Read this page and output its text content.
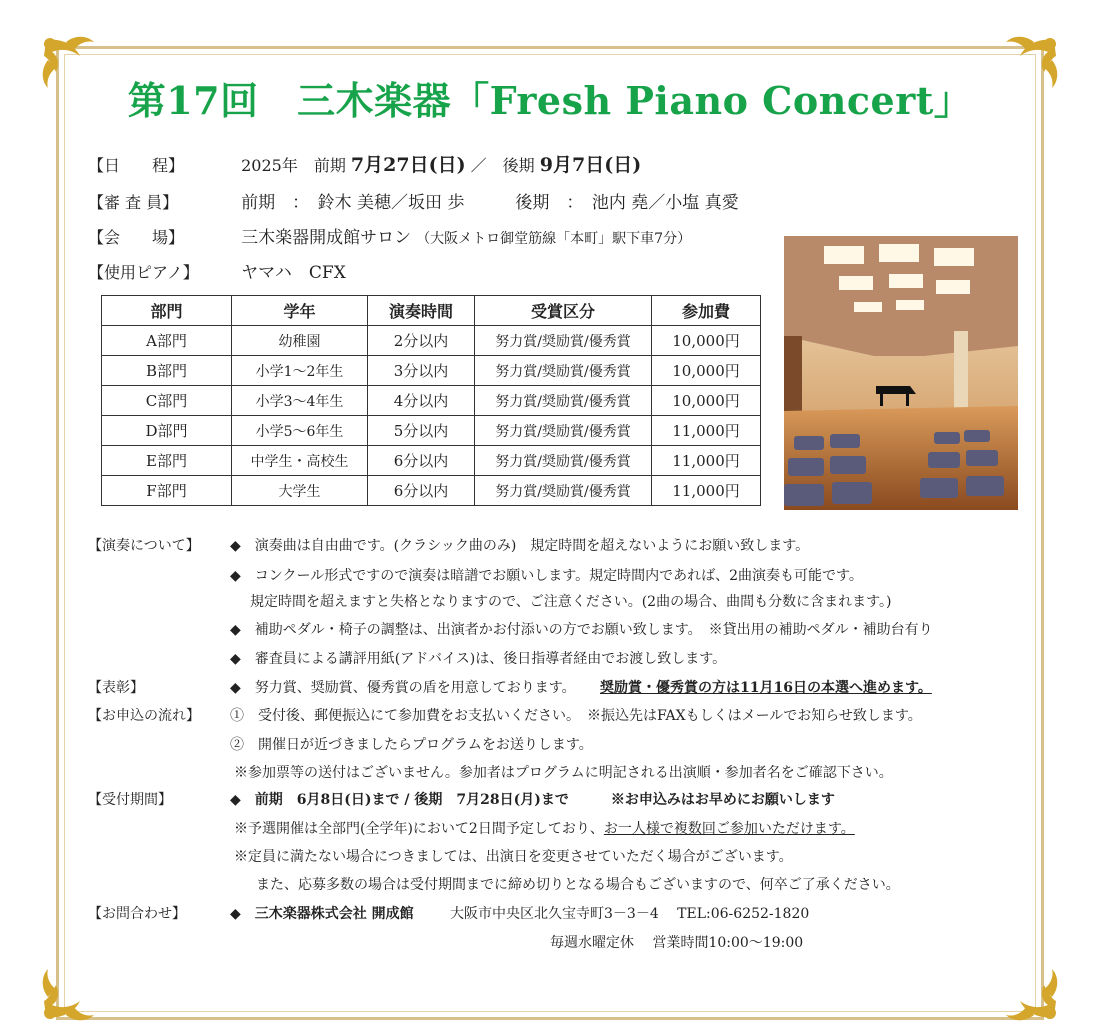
第17回　三木楽器「Fresh Piano Concert」
【日　　程】	2025年　前期 7月27日(日) ／　後期 9月7日(日)
【審 査 員】	前期　：　鈴木 美穂／坂田 歩　　　後期　：　池内 堯／小塩 真愛
【会　　場】	三木楽器開成館サロン （大阪メトロ御堂筋線「本町」駅下車7分）
【使用ピアノ】 ヤマハ　CFX
部門	学年	演奏時間	受賞区分	参加費
A部門	幼稚園	2分以内	努力賞/奨励賞/優秀賞	10,000円
B部門	小学1～2年生	3分以内	努力賞/奨励賞/優秀賞	10,000円
C部門	小学3～4年生	4分以内	努力賞/奨励賞/優秀賞	10,000円
D部門	小学5～6年生	5分以内	努力賞/奨励賞/優秀賞	11,000円
E部門	中学生・高校生	6分以内	努力賞/奨励賞/優秀賞	11,000円
F部門	大学生	6分以内	努力賞/奨励賞/優秀賞	11,000円
【演奏について】 ◆　演奏曲は自由曲です。(クラシック曲のみ)　規定時間を超えないようにお願い致します。
◆　コンクール形式ですので演奏は暗譜でお願いします。規定時間内であれば、2曲演奏も可能です。
規定時間を超えますと失格となりますので、ご注意ください。(2曲の場合、曲間も分数に含まれます。)
◆　補助ペダル・椅子の調整は、出演者かお付添いの方でお願い致します。　※貸出用の補助ペダル・補助台有り
◆　審査員による講評用紙(アドバイス)は、後日指導者経由でお渡し致します。
【表彰】	◆　努力賞、奨励賞、優秀賞の盾を用意しております。 奨励賞・優秀賞の方は11月16日の本選へ進めます。
【お申込の流れ】 ①　受付後、郵便振込にて参加費をお支払いください。　※振込先はFAXもしくはメールでお知らせ致します。
②　開催日が近づきましたらプログラムをお送りします。
※参加票等の送付はございません。参加者はプログラムに明記される出演順・参加者名をご確認下さい。
【受付期間】	◆　前期　6月8日(日)まで / 後期　7月28日(月)まで　　　※お申込みはお早めにお願いします
※予選開催は全部門(全学年)において2日間予定しており、お一人様で複数回ご参加いただけます。
※定員に満たない場合につきましては、出演日を変更させていただく場合がございます。
また、応募多数の場合は受付期間までに締め切りとなる場合もございますので、何卒ご了承ください。
【お問合わせ】	◆　三木楽器株式会社 開成館	大阪市中央区北久宝寺町3－3－4　 TEL:06-6252-1820
毎週水曜定休　 営業時間10:00～19:00
